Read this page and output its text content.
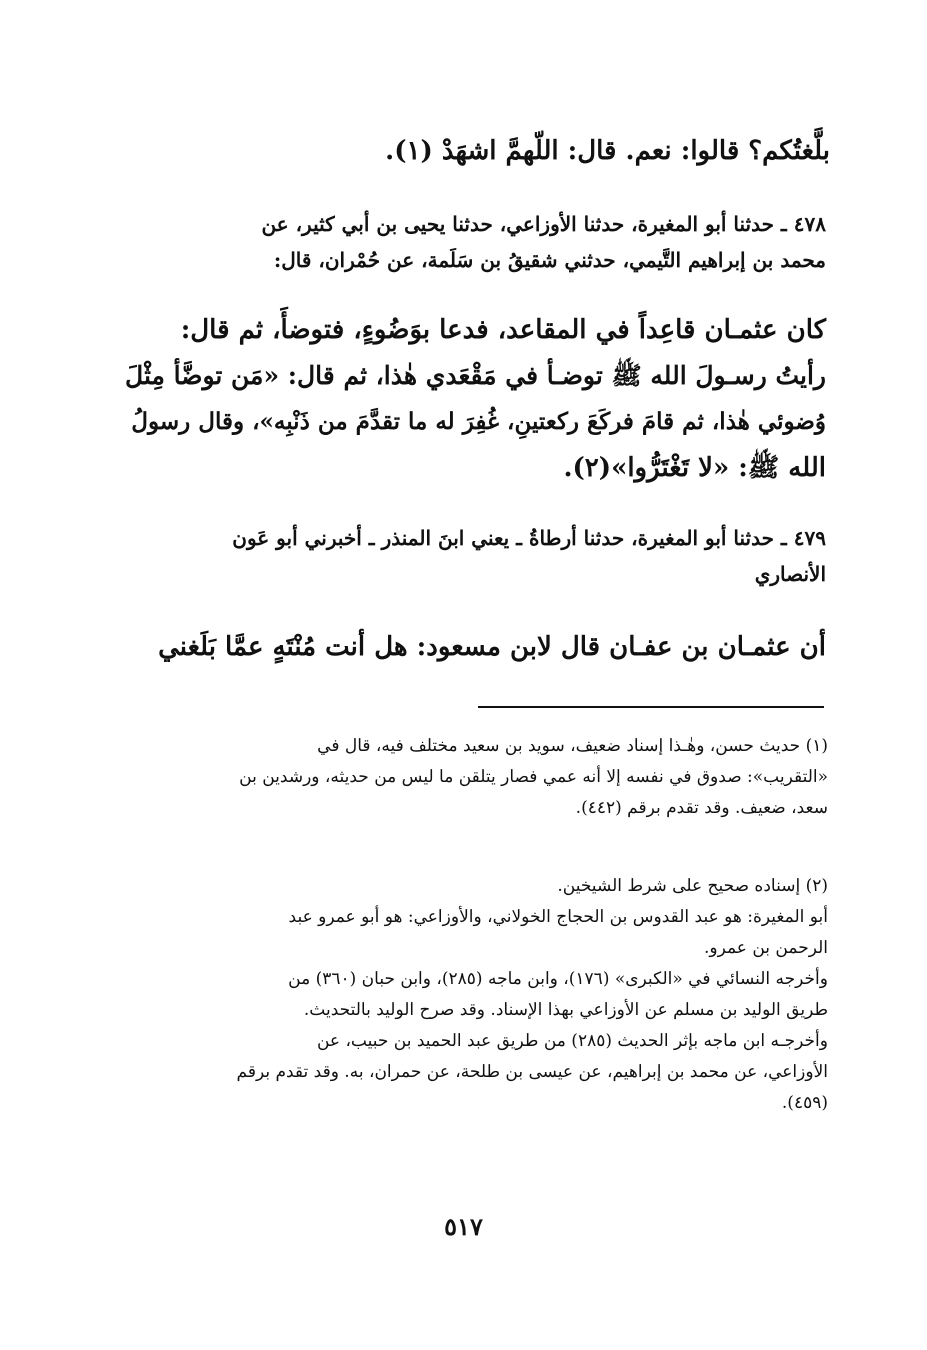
بلَّغتُكم؟ قالوا: نعم. قال: اللّهمَّ اشهَدْ (١).
٤٧٨ ـ حدثنا أبو المغيرة، حدثنا الأوزاعي، حدثنا يحيى بن أبي كثير، عن
محمد بن إبراهيم التَّيمي، حدثني شقيقُ بن سَلَمة، عن حُمْران، قال:
كان عثمـان قاعِداً في المقاعد، فدعا بوَضُوءٍ، فتوضأَ، ثم قال:
رأيتُ رسـولَ الله ﷺ توضـأ في مَقْعَدي هٰذا، ثم قال: «مَن توضَّأ مِثْلَ
وُضوئي هٰذا، ثم قامَ فركَعَ ركعتينِ، غُفِرَ له ما تقدَّمَ من ذَنْبِه»، وقال رسولُ
الله ﷺ: «لا تَغْتَرُّوا»(٢).
٤٧٩ ـ حدثنا أبو المغيرة، حدثنا أرطاةُ ـ يعني ابنَ المنذر ـ أخبرني أبو عَون
الأنصاري
أن عثمـان بن عفـان قال لابن مسعود: هل أنت مُنْتَهٍ عمَّا بَلَغني
(١) حديث حسن، وهٰـذا إسناد ضعيف، سويد بن سعيد مختلف فيه، قال في
«التقريب»: صدوق في نفسه إلا أنه عمي فصار يتلقن ما ليس من حديثه، ورشدين بن
سعد، ضعيف. وقد تقدم برقم (٤٤٢).
(٢) إسناده صحيح على شرط الشيخين.
أبو المغيرة: هو عبد القدوس بن الحجاج الخولاني، والأوزاعي: هو أبو عمرو عبد
الرحمن بن عمرو.
وأخرجه النسائي في «الكبرى» (١٧٦)، وابن ماجه (٢٨٥)، وابن حبان (٣٦٠) من
طريق الوليد بن مسلم عن الأوزاعي بهذا الإسناد. وقد صرح الوليد بالتحديث.
وأخرجـه ابن ماجه بإثر الحديث (٢٨٥) من طريق عبد الحميد بن حبيب، عن
الأوزاعي، عن محمد بن إبراهيم، عن عيسى بن طلحة، عن حمران، به. وقد تقدم برقم
(٤٥٩).
٥١٧
